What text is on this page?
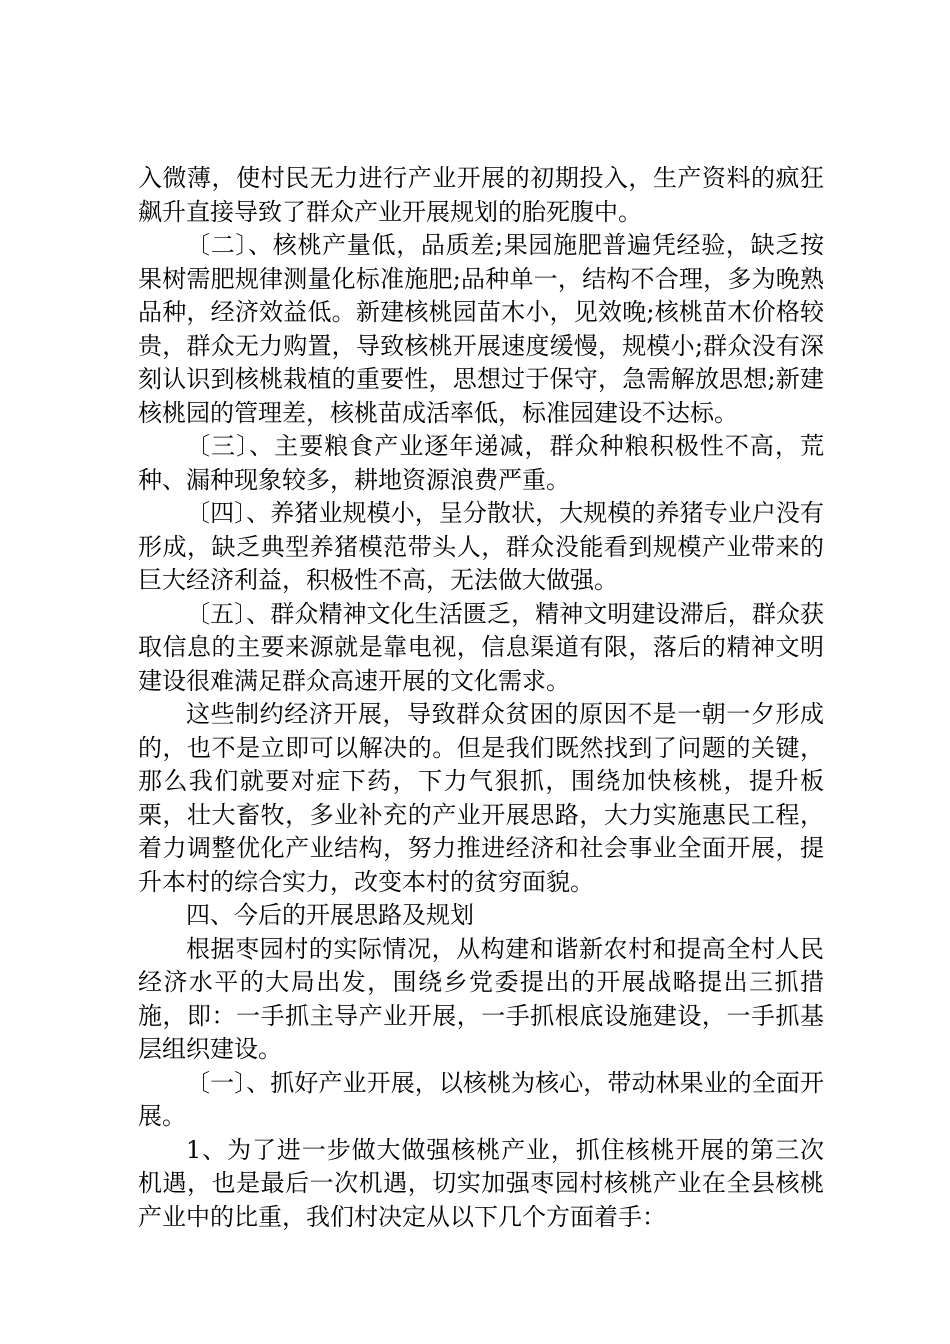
入微薄，使村民无力进行产业开展的初期投入，生产资料的疯狂飙升直接导致了群众产业开展规划的胎死腹中。

〔二〕、核桃产量低，品质差;果园施肥普遍凭经验，缺乏按果树需肥规律测量化标准施肥;品种单一，结构不合理，多为晚熟品种，经济效益低。新建核桃园苗木小，见效晚;核桃苗木价格较贵，群众无力购置，导致核桃开展速度缓慢，规模小;群众没有深刻认识到核桃栽植的重要性，思想过于保守，急需解放思想;新建核桃园的管理差，核桃苗成活率低，标准园建设不达标。

〔三〕、主要粮食产业逐年递减，群众种粮积极性不高，荒种、漏种现象较多，耕地资源浪费严重。

〔四〕、养猪业规模小，呈分散状，大规模的养猪专业户没有形成，缺乏典型养猪模范带头人，群众没能看到规模产业带来的巨大经济利益，积极性不高，无法做大做强。

〔五〕、群众精神文化生活匮乏，精神文明建设滞后，群众获取信息的主要来源就是靠电视，信息渠道有限，落后的精神文明建设很难满足群众高速开展的文化需求。

这些制约经济开展，导致群众贫困的原因不是一朝一夕形成的，也不是立即可以解决的。但是我们既然找到了问题的关键，那么我们就要对症下药，下力气狠抓，围绕加快核桃，提升板栗，壮大畜牧，多业补充的产业开展思路，大力实施惠民工程，着力调整优化产业结构，努力推进经济和社会事业全面开展，提升本村的综合实力，改变本村的贫穷面貌。

四、今后的开展思路及规划

根据枣园村的实际情况，从构建和谐新农村和提高全村人民经济水平的大局出发，围绕乡党委提出的开展战略提出三抓措施，即：一手抓主导产业开展，一手抓根底设施建设，一手抓基层组织建设。

〔一〕、抓好产业开展，以核桃为核心，带动林果业的全面开展。

1、为了进一步做大做强核桃产业，抓住核桃开展的第三次机遇，也是最后一次机遇，切实加强枣园村核桃产业在全县核桃产业中的比重，我们村决定从以下几个方面着手：
